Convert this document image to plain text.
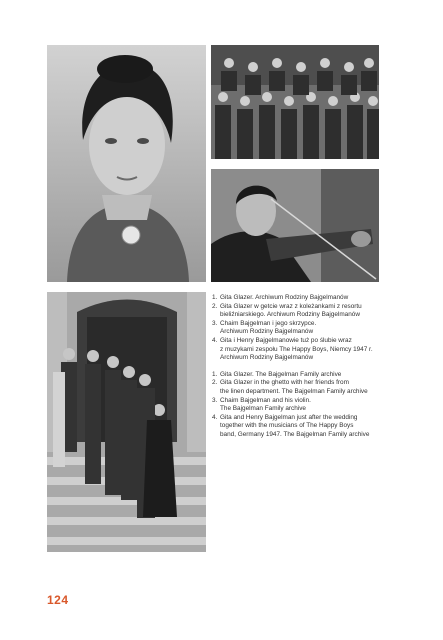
1. Gita Glazer. Archiwum Rodziny Bajgelmanów
2. Gita Glazer w getcie wraz z koleżankami z resortu
bieliźniarskiego. Archiwum Rodziny Bajgelmanów
3. Chaim Bajgelman i jego skrzypce.
Archiwum Rodziny Bajgelmanów
4. Gita i Henry Bajgelmanowie tuż po ślubie wraz
z muzykami zespołu The Happy Boys, Niemcy 1947 r.
Archiwum Rodziny Bajgelmanów
1. Gita Glazer. The Bajgelman Family archive
2. Gita Glazer in the ghetto with her friends from
the linen department. The Bajgelman Family archive
3. Chaim Bajgelman and his violin.
The Bajgelman Family archive
4. Gita and Henry Bajgelman just after the wedding
together with the musicians of The Happy Boys
band, Germany 1947. The Bajgelman Family archive
124
